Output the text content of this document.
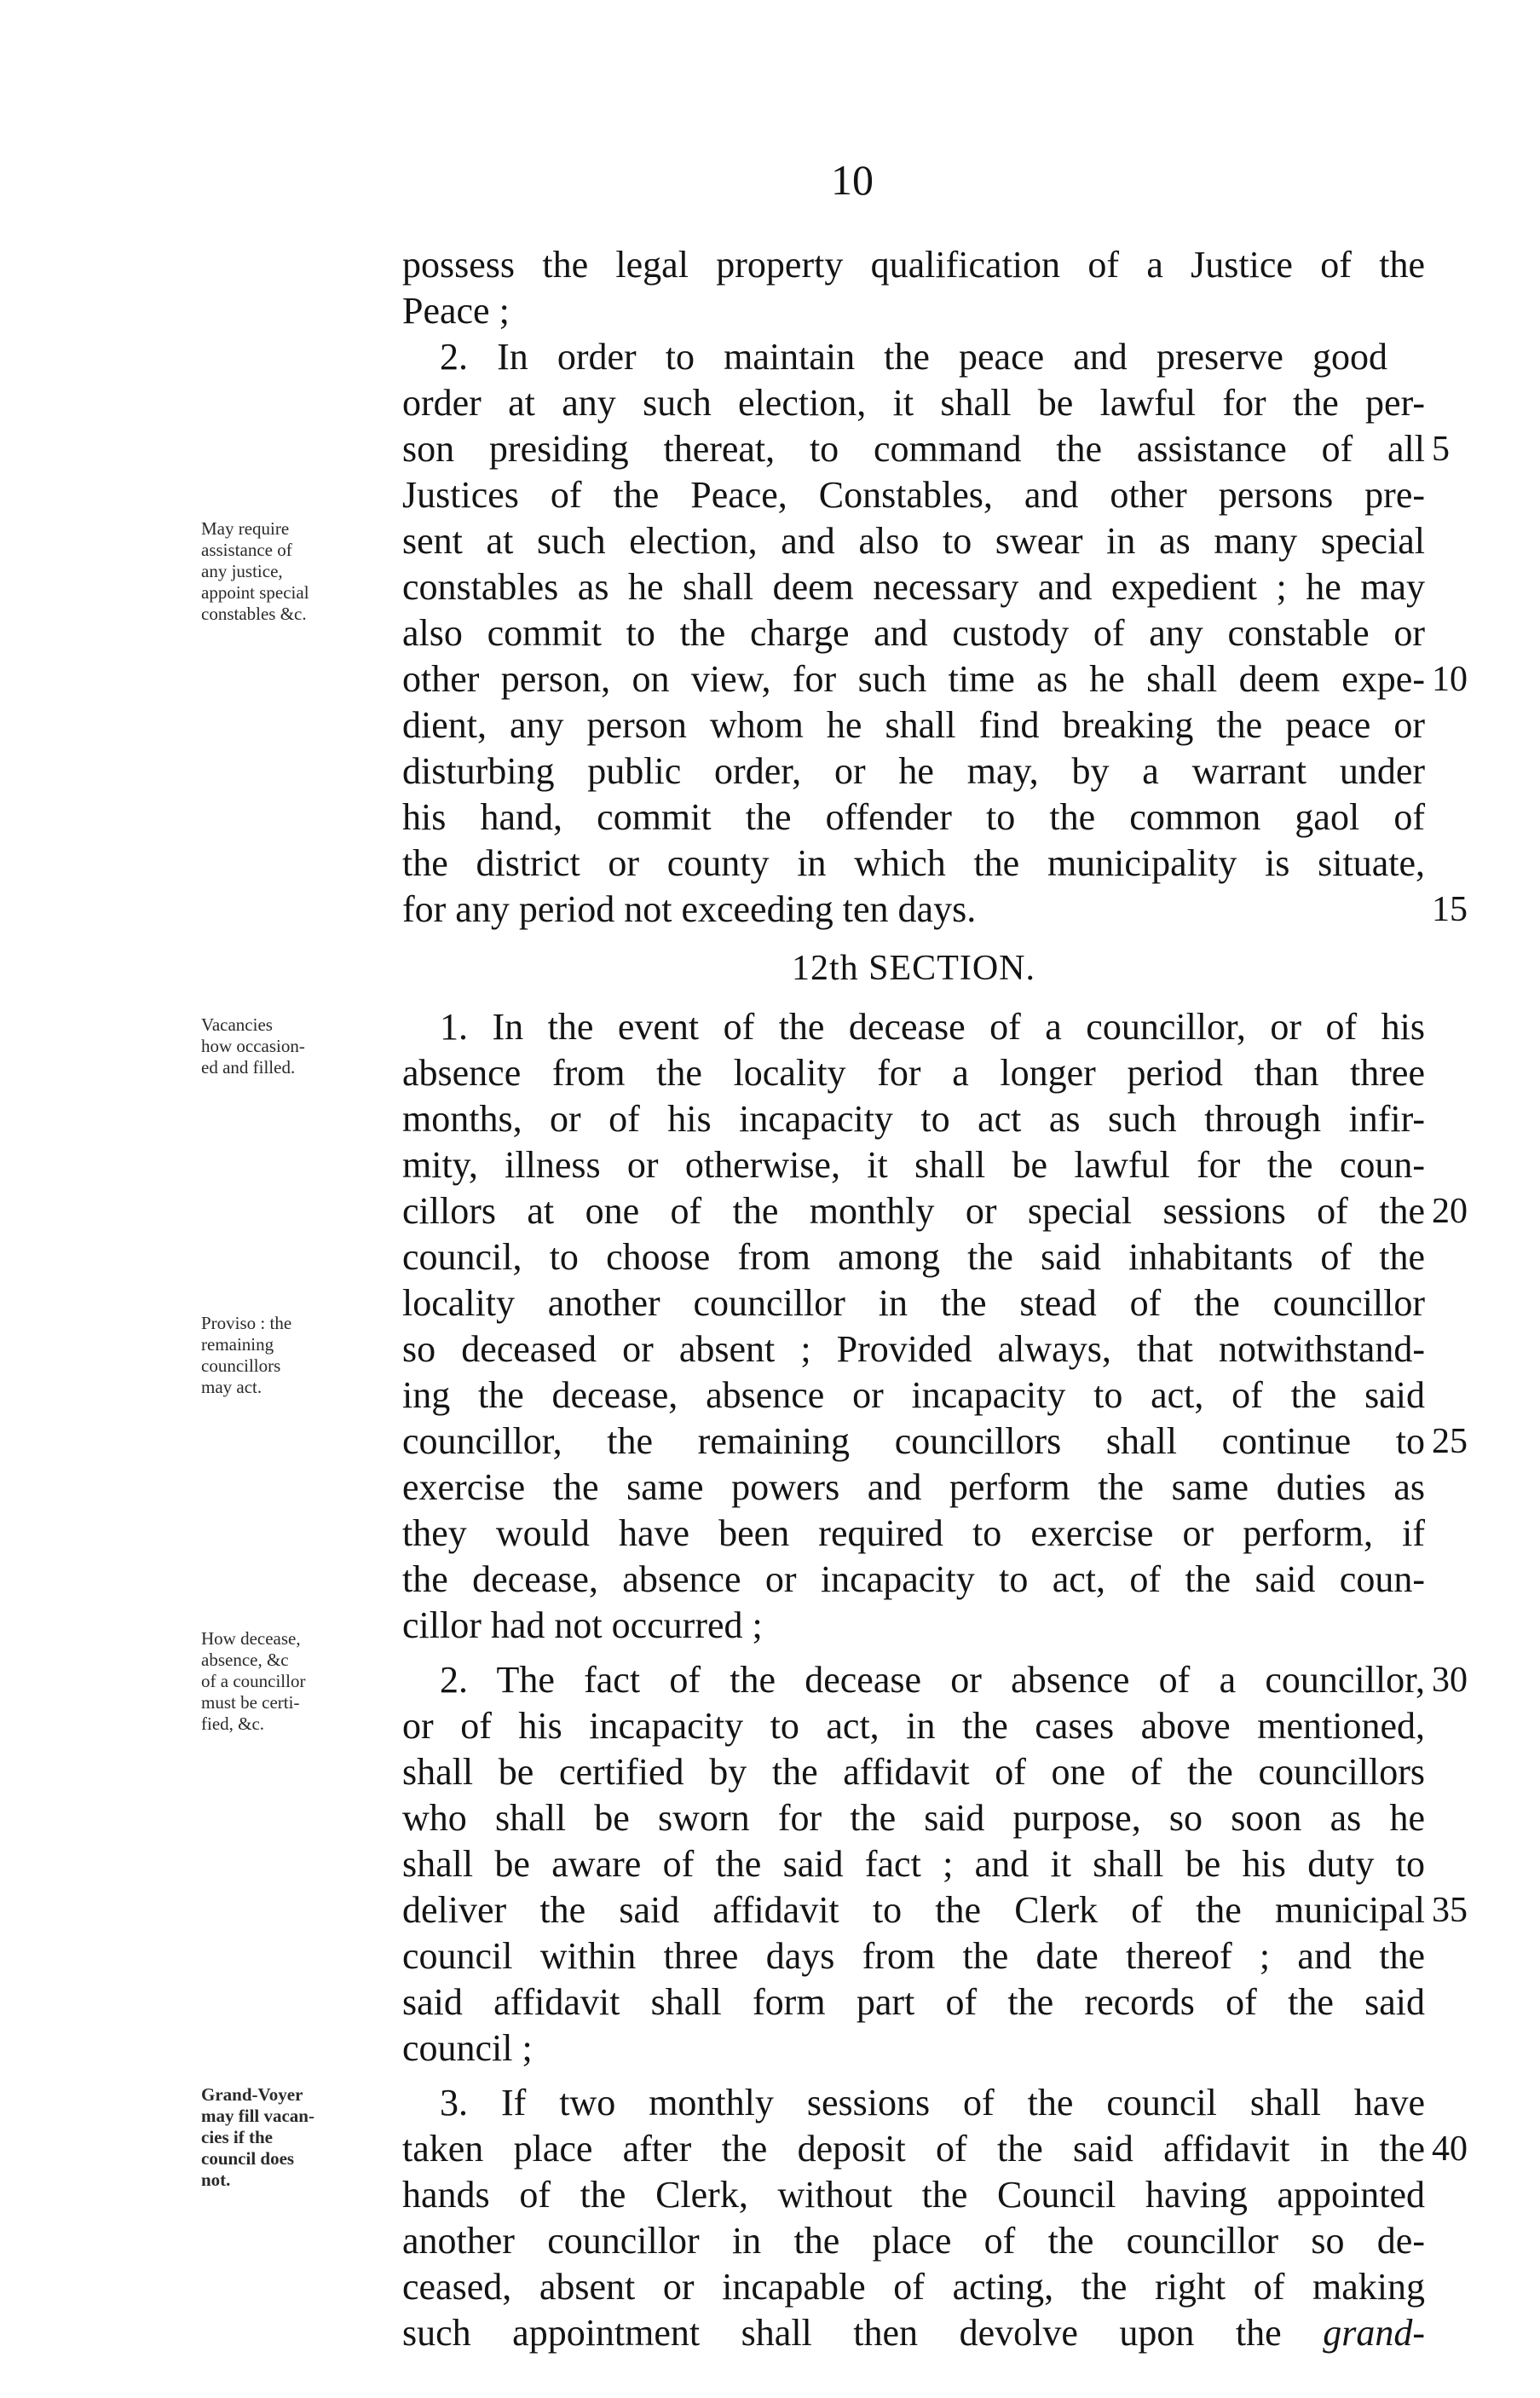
10
May require
assistance of
any justice,
appoint special
constables &c.
Vacancies
how occasion-
ed and filled.
Proviso : the
remaining
councillors
may act.
How decease,
absence, &c
of a councillor
must be certi-
fied, &c.
Grand-Voyer
may fill vacan-
cies if the
council does
not.
possess the legal property qualification of a Justice of the
Peace ;
2. In order to maintain the peace and preserve good
order at any such election, it shall be lawful for the per-
son presiding thereat, to command the assistance of all
Justices of the Peace, Constables, and other persons pre-
sent at such election, and also to swear in as many special
constables as he shall deem necessary and expedient ; he may
also commit to the charge and custody of any constable or
other person, on view, for such time as he shall deem expe-
dient, any person whom he shall find breaking the peace or
disturbing public order, or he may, by a warrant under
his hand, commit the offender to the common gaol of
the district or county in which the municipality is situate,
for any period not exceeding ten days.
12th SECTION.
1. In the event of the decease of a councillor, or of his
absence from the locality for a longer period than three
months, or of his incapacity to act as such through infir-
mity, illness or otherwise, it shall be lawful for the coun-
cillors at one of the monthly or special sessions of the
council, to choose from among the said inhabitants of the
locality another councillor in the stead of the councillor
so deceased or absent ; Provided always, that notwithstand-
ing the decease, absence or incapacity to act, of the said
councillor, the remaining councillors shall continue to
exercise the same powers and perform the same duties as
they would have been required to exercise or perform, if
the decease, absence or incapacity to act, of the said coun-
cillor had not occurred ;
2. The fact of the decease or absence of a councillor,
or of his incapacity to act, in the cases above mentioned,
shall be certified by the affidavit of one of the councillors
who shall be sworn for the said purpose, so soon as he
shall be aware of the said fact ; and it shall be his duty to
deliver the said affidavit to the Clerk of the municipal
council within three days from the date thereof ; and the
said affidavit shall form part of the records of the said
council ;
3. If two monthly sessions of the council shall have
taken place after the deposit of the said affidavit in the
hands of the Clerk, without the Council having appointed
another councillor in the place of the councillor so de-
ceased, absent or incapable of acting, the right of making
such appointment shall then devolve upon the grand-
5
10
15
20
25
30
35
40
